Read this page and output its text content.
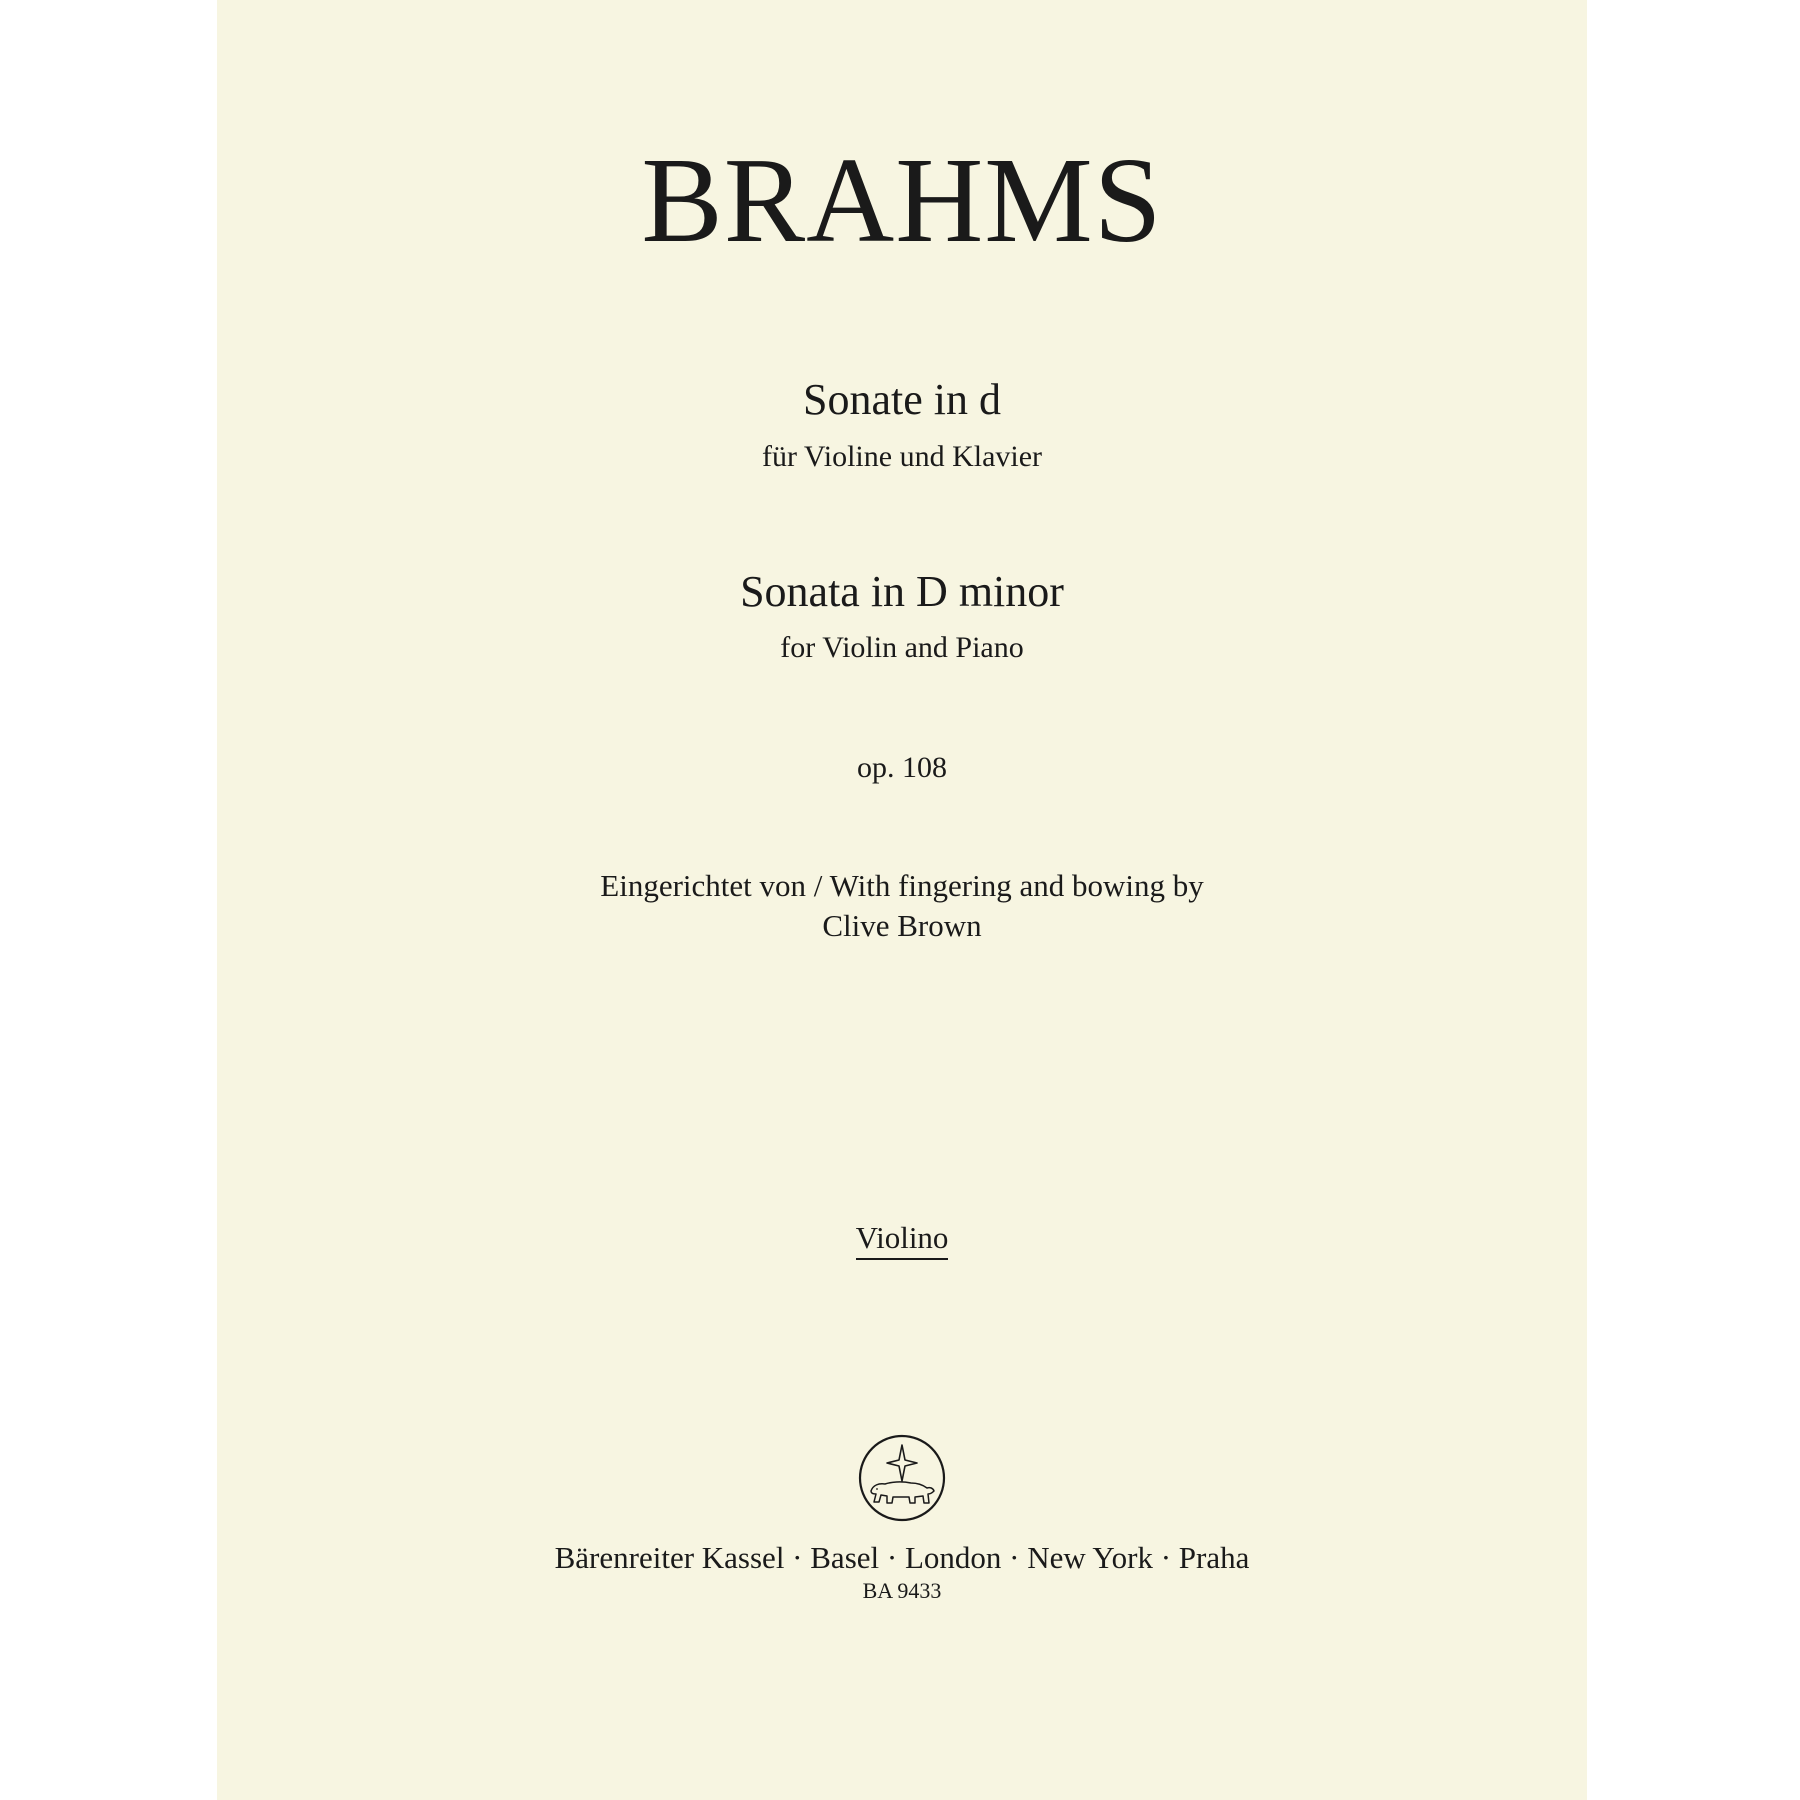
BRAHMS
Sonate in d
für Violine und Klavier
Sonata in D minor
for Violin and Piano
op. 108
Eingerichtet von / With fingering and bowing by
Clive Brown
Violino
Bärenreiter Kassel · Basel · London · New York · Praha
BA 9433
